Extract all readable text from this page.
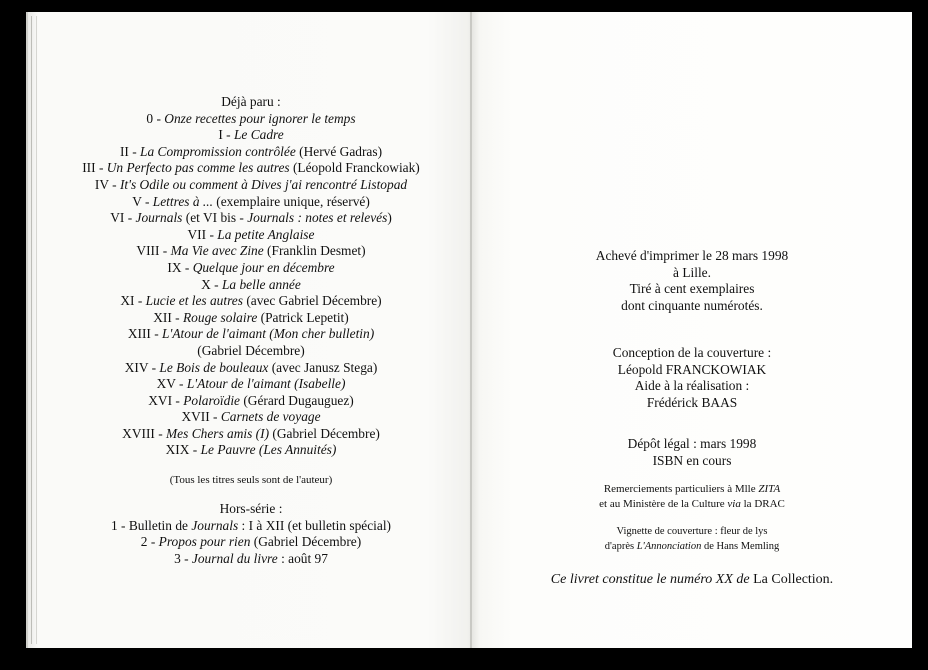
Déjà paru :
0 - Onze recettes pour ignorer le temps
I - Le Cadre
II - La Compromission contrôlée (Hervé Gadras)
III - Un Perfecto pas comme les autres (Léopold Franckowiak)
IV - It's Odile ou comment à Dives j'ai rencontré Listopad
V - Lettres à ... (exemplaire unique, réservé)
VI - Journals (et VI bis - Journals : notes et relevés)
VII - La petite Anglaise
VIII - Ma Vie avec Zine (Franklin Desmet)
IX - Quelque jour en décembre
X - La belle année
XI - Lucie et les autres (avec Gabriel Décembre)
XII - Rouge solaire (Patrick Lepetit)
XIII - L'Atour de l'aimant (Mon cher bulletin)
(Gabriel Décembre)
XIV - Le Bois de bouleaux (avec Janusz Stega)
XV - L'Atour de l'aimant (Isabelle)
XVI - Polaroïdie (Gérard Dugauguez)
XVII - Carnets de voyage
XVIII - Mes Chers amis (I) (Gabriel Décembre)
XIX - Le Pauvre (Les Annuités)
(Tous les titres seuls sont de l'auteur)
Hors-série :
1 - Bulletin de Journals : I à XII (et bulletin spécial)
2 - Propos pour rien (Gabriel Décembre)
3 - Journal du livre : août 97
Achevé d'imprimer le 28 mars 1998
à Lille.
Tiré à cent exemplaires
dont cinquante numérotés.
Conception de la couverture :
Léopold FRANCKOWIAK
Aide à la réalisation :
Frédérick BAAS
Dépôt légal : mars 1998
ISBN en cours
Remerciements particuliers à Mlle ZITA
et au Ministère de la Culture via la DRAC
Vignette de couverture : fleur de lys
d'après L'Annonciation de Hans Memling
Ce livret constitue le numéro XX de La Collection.
